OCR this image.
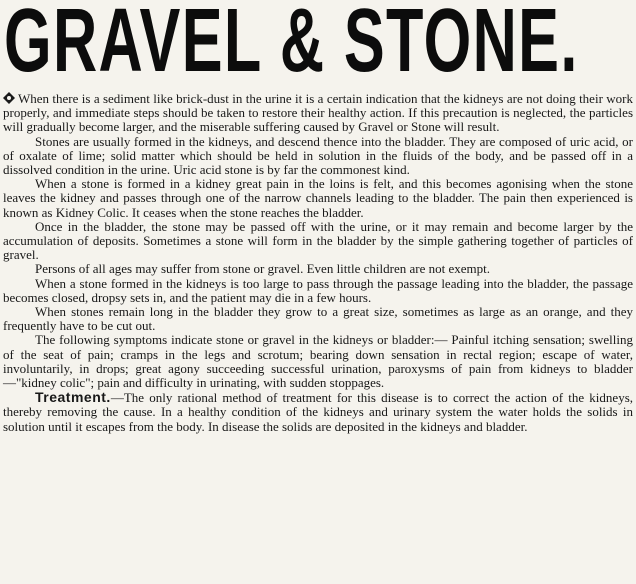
GRAVEL & STONE.

When there is a sediment like brick-dust in the urine it is a certain indication that the kidneys are not doing their work properly, and immediate steps should be taken to restore their healthy action. If this precaution is neglected, the particles will gradually become larger, and the miserable suffering caused by Gravel or Stone will result.

Stones are usually formed in the kidneys, and descend thence into the bladder. They are composed of uric acid, or of oxalate of lime; solid matter which should be held in solution in the fluids of the body, and be passed off in a dissolved condition in the urine. Uric acid stone is by far the commonest kind.

When a stone is formed in a kidney great pain in the loins is felt, and this becomes agonising when the stone leaves the kidney and passes through one of the narrow channels leading to the bladder. The pain then experienced is known as Kidney Colic. It ceases when the stone reaches the bladder.

Once in the bladder, the stone may be passed off with the urine, or it may remain and become larger by the accumulation of deposits. Sometimes a stone will form in the bladder by the simple gathering together of particles of gravel.

Persons of all ages may suffer from stone or gravel. Even little children are not exempt.

When a stone formed in the kidneys is too large to pass through the passage leading into the bladder, the passage becomes closed, dropsy sets in, and the patient may die in a few hours.

When stones remain long in the bladder they grow to a great size, sometimes as large as an orange, and they frequently have to be cut out.

The following symptoms indicate stone or gravel in the kidneys or bladder:— Painful itching sensation; swelling of the seat of pain; cramps in the legs and scrotum; bearing down sensation in rectal region; escape of water, involuntarily, in drops; great agony succeeding successful urination, paroxysms of pain from kidneys to bladder—"kidney colic"; pain and difficulty in urinating, with sudden stoppages.

Treatment.—The only rational method of treatment for this disease is to correct the action of the kidneys, thereby removing the cause. In a healthy condition of the kidneys and urinary system the water holds the solids in solution until it escapes from the body. In disease the solids are deposited in the kidneys and bladder.
